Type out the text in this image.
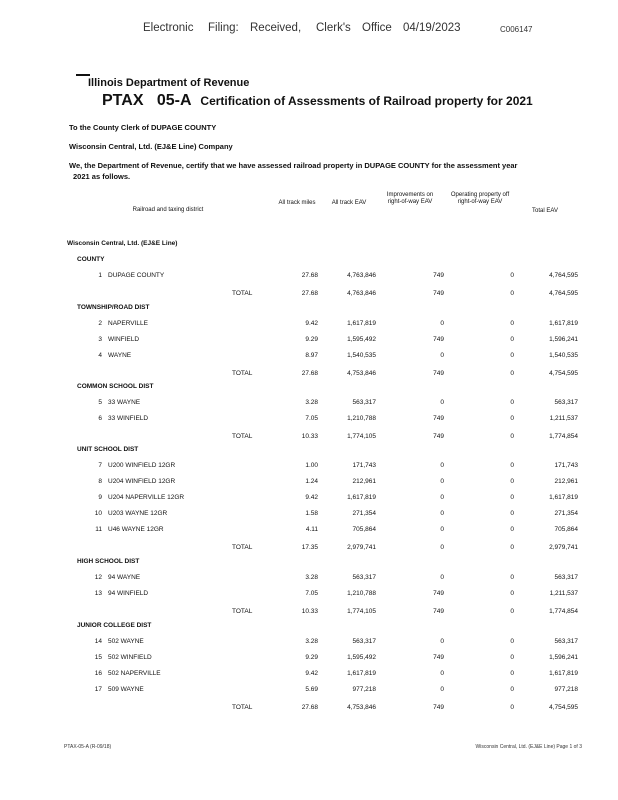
Electronic Filing: Received, Clerk's Office 04/19/2023	C006147
Illinois Department of Revenue
PTAX 05-A Certification of Assessments of Railroad property for 2021
To the County Clerk of DUPAGE COUNTY
Wisconsin Central, Ltd. (EJ&E Line) Company
We, the Department of Revenue, certify that we have assessed railroad property in DUPAGE COUNTY for the assessment year
2021 as follows.
Railroad and taxing district
All track miles	All track EAV
Improvements on right-of-way EAV
Operating property off right-of-way EAV
Total EAV
Wisconsin Central, Ltd. (EJ&E Line)
COUNTY
1 DUPAGE COUNTY	27.68	4,763,846	749	0	4,764,595
TOTAL	27.68	4,763,846	749	0	4,764,595
TOWNSHIP/ROAD DIST
2 NAPERVILLE	9.42	1,617,819	0	0	1,617,819
3 WINFIELD	9.29	1,595,492	749	0	1,596,241
4 WAYNE	8.97	1,540,535	0	0	1,540,535
TOTAL	27.68	4,753,846	749	0	4,754,595
COMMON SCHOOL DIST
5 33 WAYNE	3.28	563,317	0	0	563,317
6 33 WINFIELD	7.05	1,210,788	749	0	1,211,537
TOTAL	10.33	1,774,105	749	0	1,774,854
UNIT SCHOOL DIST
7 U200 WINFIELD 12GR	1.00	171,743	0	0	171,743
8 U204 WINFIELD 12GR	1.24	212,961	0	0	212,961
9 U204 NAPERVILLE 12GR	9.42	1,617,819	0	0	1,617,819
10 U203 WAYNE 12GR	1.58	271,354	0	0	271,354
11 U46 WAYNE 12GR	4.11	705,864	0	0	705,864
TOTAL	17.35	2,979,741	0	0	2,979,741
HIGH SCHOOL DIST
12 94 WAYNE	3.28	563,317	0	0	563,317
13 94 WINFIELD	7.05	1,210,788	749	0	1,211,537
TOTAL	10.33	1,774,105	749	0	1,774,854
JUNIOR COLLEGE DIST
14 502 WAYNE	3.28	563,317	0	0	563,317
15 502 WINFIELD	9.29	1,595,492	749	0	1,596,241
16 502 NAPERVILLE	9.42	1,617,819	0	0	1,617,819
17 509 WAYNE	5.69	977,218	0	0	977,218
TOTAL	27.68	4,753,846	749	0	4,754,595
PTAX-05-A (R-09/18)	Wisconsin Central, Ltd. (EJ&E Line) Page 1 of 3
